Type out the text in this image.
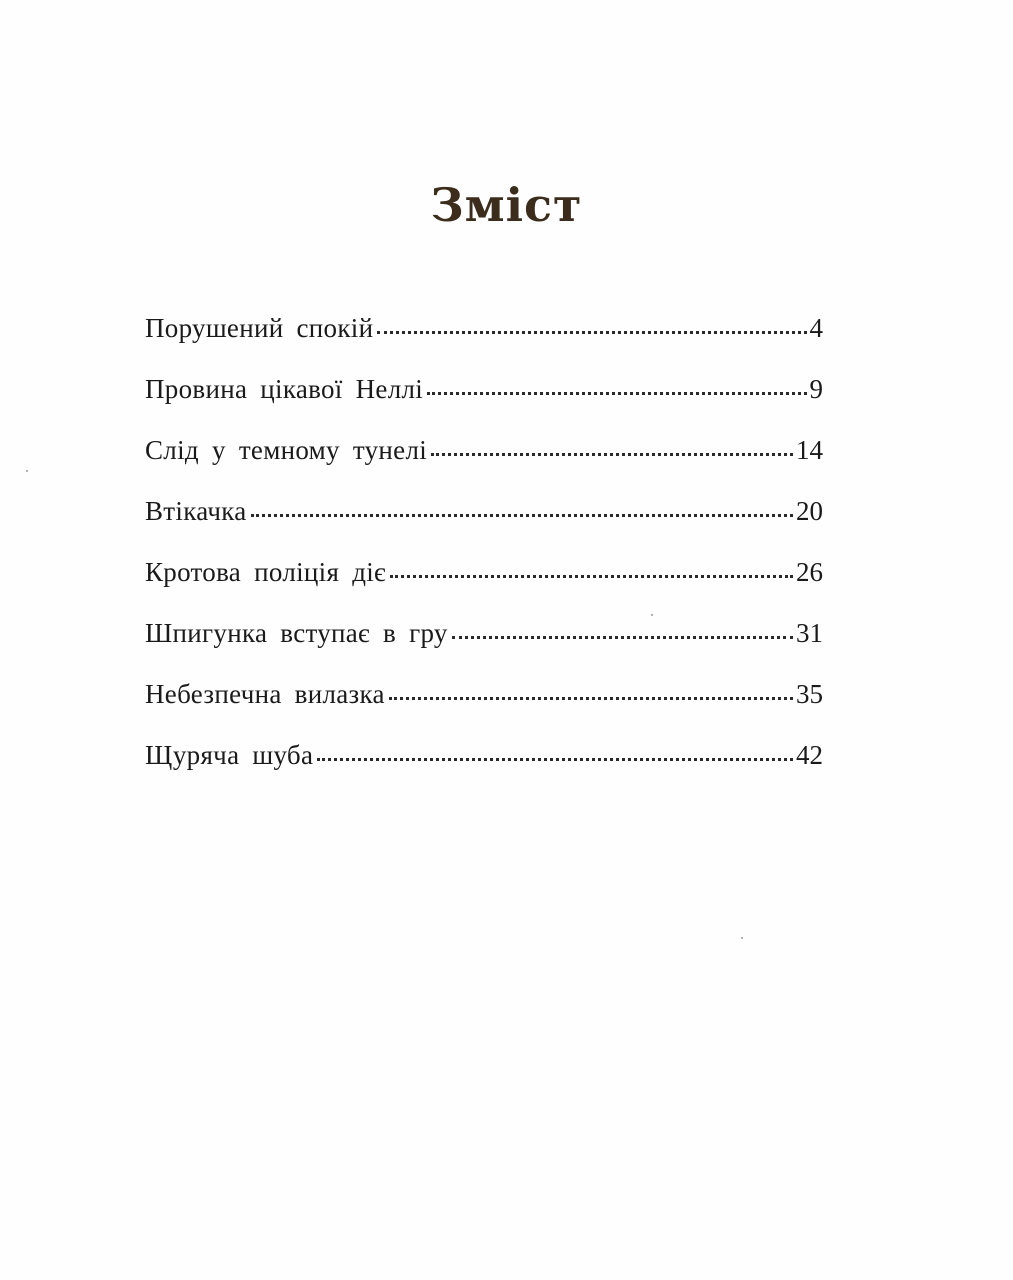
Зміст
Порушений спокій	4
Провина цікавої Неллі	9
Слід у темному тунелі	14
Втікачка	20
Кротова поліція діє	26
Шпигунка вступає в гру	31
Небезпечна вилазка	35
Щуряча шуба	42
